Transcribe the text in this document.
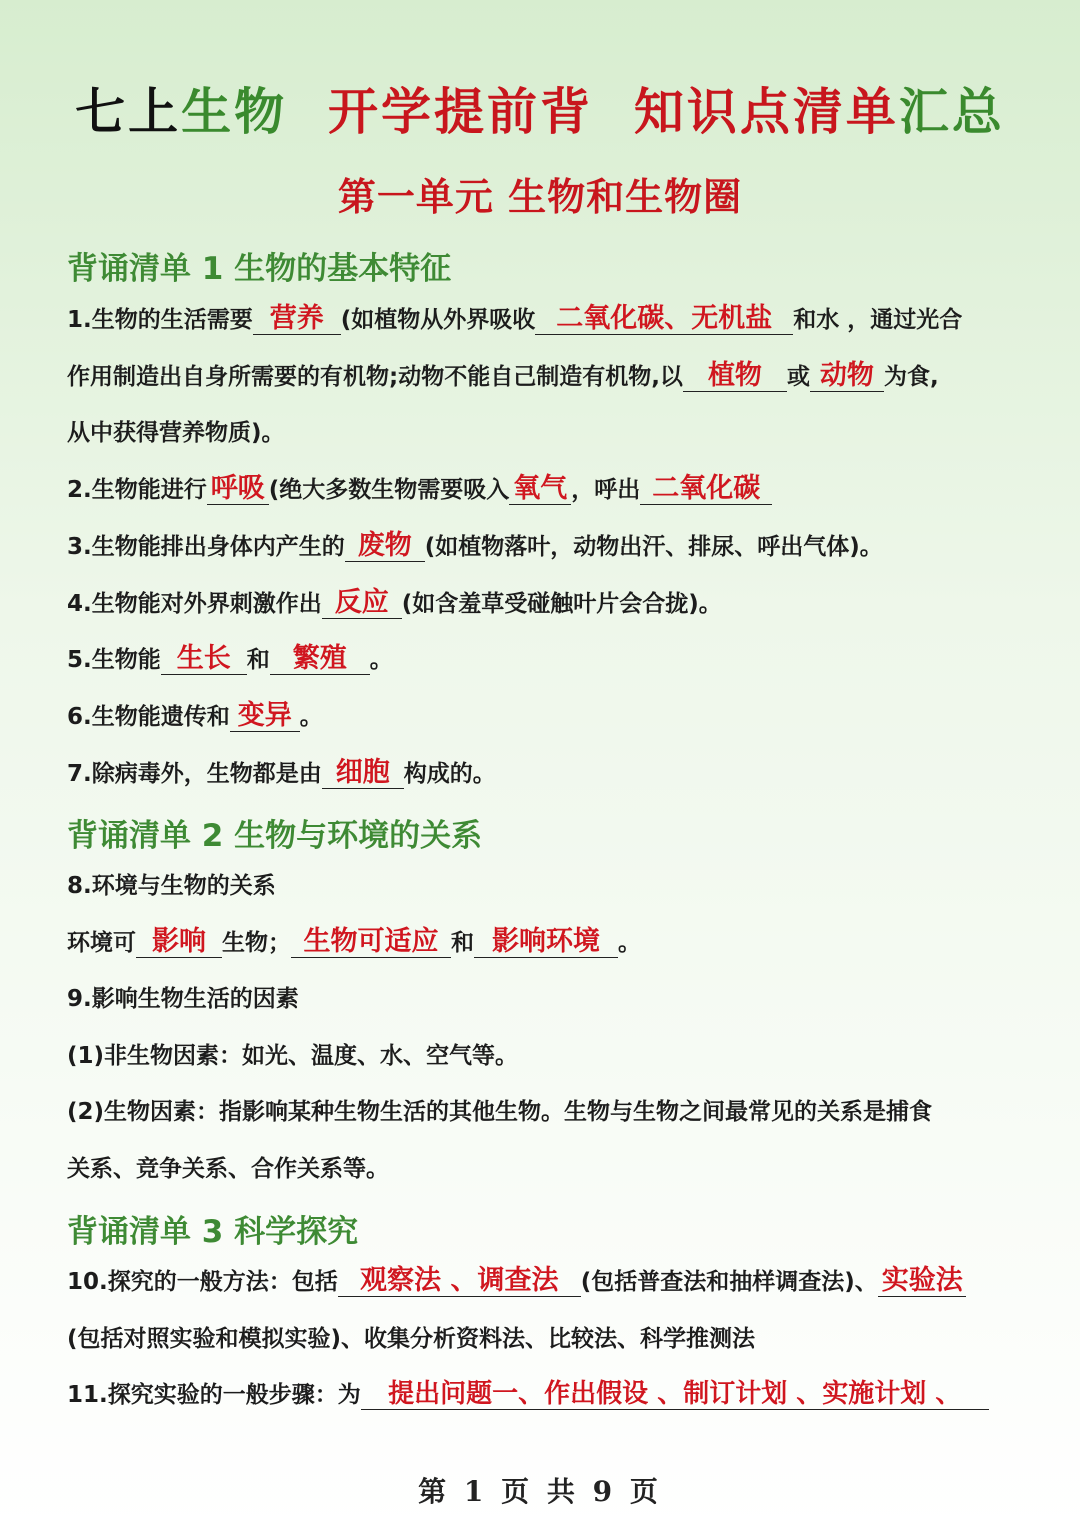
七上生物 开学提前背 知识点清单汇总
第一单元 生物和生物圈
背诵清单 1 生物的基本特征
1.生物的生活需要 营养 (如植物从外界吸收 二氧化碳、无机盐 和水 ，通过光合
作用制造出自身所需要的有机物;动物不能自己制造有机物,以 植物 或 动物 为食,
从中获得营养物质)。
2.生物能进行 呼吸 (绝大多数生物需要吸入 氧气 ，呼出 二氧化碳
3.生物能排出身体内产生的 废物 (如植物落叶，动物出汗、排尿、呼出气体)。
4.生物能对外界刺激作出 反应 (如含羞草受碰触叶片会合拢)。
5.生物能 生长 和 繁殖 。
6.生物能遗传和 变异 。
7.除病毒外，生物都是由 细胞 构成的。
背诵清单 2 生物与环境的关系
8.环境与生物的关系
环境可 影响 生物； 生物可适应 和 影响环境 。
9.影响生物生活的因素
(1)非生物因素：如光、温度、水、空气等。
(2)生物因素：指影响某种生物生活的其他生物。生物与生物之间最常见的关系是捕食
关系、竞争关系、合作关系等。
背诵清单 3 科学探究
10.探究的一般方法：包括 观察法 、调查法 (包括普查法和抽样调查法)、 实验法
(包括对照实验和模拟实验)、收集分析资料法、比较法、科学推测法
11.探究实验的一般步骤：为 提出问题一、作出假设 、制订计划 、实施计划 、
第 1 页 共 9 页
